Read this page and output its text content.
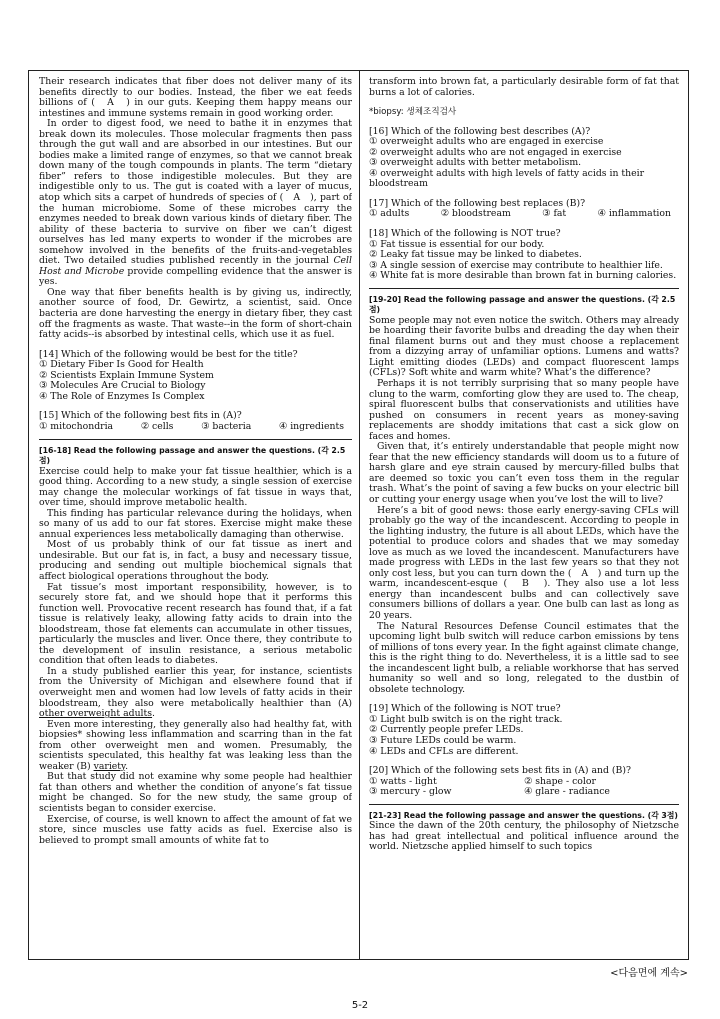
Their research indicates that fiber does not deliver many of its benefits directly to our bodies. Instead, the fiber we eat feeds billions of (　A　) in our guts. Keeping them happy means our intestines and immune systems remain in good working order.

In order to digest food, we need to bathe it in enzymes that break down its molecules. Those molecular fragments then pass through the gut wall and are absorbed in our intestines. But our bodies make a limited range of enzymes, so that we cannot break down many of the tough compounds in plants. The term “dietary fiber” refers to those indigestible molecules. But they are indigestible only to us. The gut is coated with a layer of mucus, atop which sits a carpet of hundreds of species of (　A　), part of the human microbiome. Some of these microbes carry the enzymes needed to break down various kinds of dietary fiber. The ability of these bacteria to survive on fiber we can’t digest ourselves has led many experts to wonder if the microbes are somehow involved in the benefits of the fruits-and-vegetables diet. Two detailed studies published recently in the journal Cell Host and Microbe provide compelling evidence that the answer is yes.

One way that fiber benefits health is by giving us, indirectly, another source of food, Dr. Gewirtz, a scientist, said. Once bacteria are done harvesting the energy in dietary fiber, they cast off the fragments as waste. That waste--in the form of short-chain fatty acids--is absorbed by intestinal cells, which use it as fuel.

[14] Which of the following would be best for the title?
① Dietary Fiber Is Good for Health
② Scientists Explain Immune System
③ Molecules Are Crucial to Biology
④ The Role of Enzymes Is Complex
[15] Which of the following best fits in (A)?
① mitochondria	② cells	③ bacteria	④ ingredients
[16-18] Read the following passage and answer the questions. (각 2.5점)

Exercise could help to make your fat tissue healthier, which is a good thing. According to a new study, a single session of exercise may change the molecular workings of fat tissue in ways that, over time, should improve metabolic health.

This finding has particular relevance during the holidays, when so many of us add to our fat stores. Exercise might make these annual experiences less metabolically damaging than otherwise.

Most of us probably think of our fat tissue as inert and undesirable. But our fat is, in fact, a busy and necessary tissue, producing and sending out multiple biochemical signals that affect biological operations throughout the body.

Fat tissue’s most important responsibility, however, is to securely store fat, and we should hope that it performs this function well. Provocative recent research has found that, if a fat tissue is relatively leaky, allowing fatty acids to drain into the bloodstream, those fat elements can accumulate in other tissues, particularly the muscles and liver. Once there, they contribute to the development of insulin resistance, a serious metabolic condition that often leads to diabetes.

In a study published earlier this year, for instance, scientists from the University of Michigan and elsewhere found that if overweight men and women had low levels of fatty acids in their bloodstream, they also were metabolically healthier than (A) other overweight adults.

Even more interesting, they generally also had healthy fat, with biopsies* showing less inflammation and scarring than in the fat from other overweight men and women. Presumably, the scientists speculated, this healthy fat was leaking less than the weaker (B) variety.

But that study did not examine why some people had healthier fat than others and whether the condition of anyone’s fat tissue might be changed. So for the new study, the same group of scientists began to consider exercise.

Exercise, of course, is well known to affect the amount of fat we store, since muscles use fatty acids as fuel. Exercise also is believed to prompt small amounts of white fat to

transform into brown fat, a particularly desirable form of fat that burns a lot of calories.

*biopsy: 생체조직검사
[16] Which of the following best describes (A)?
① overweight adults who are engaged in exercise
② overweight adults who are not engaged in exercise
③ overweight adults with better metabolism.
④ overweight adults with high levels of fatty acids in their bloodstream
[17] Which of the following best replaces (B)?
① adults	② bloodstream	③ fat	④ inflammation
[18] Which of the following is NOT true?
① Fat tissue is essential for our body.
② Leaky fat tissue may be linked to diabetes.
③ A single session of exercise may contribute to healthier life.
④ White fat is more desirable than brown fat in burning calories.
[19-20] Read the following passage and answer the questions. (각 2.5점)

Some people may not even notice the switch. Others may already be hoarding their favorite bulbs and dreading the day when their final filament burns out and they must choose a replacement from a dizzying array of unfamiliar options. Lumens and watts? Light emitting diodes (LEDs) and compact fluorescent lamps (CFLs)? Soft white and warm white? What’s the difference?

Perhaps it is not terribly surprising that so many people have clung to the warm, comforting glow they are used to. The cheap, spiral fluorescent bulbs that conservationists and utilities have pushed on consumers in recent years as money-saving replacements are shoddy imitations that cast a sick glow on faces and homes.

Given that, it’s entirely understandable that people might now fear that the new efficiency standards will doom us to a future of harsh glare and eye strain caused by mercury-filled bulbs that are deemed so toxic you can’t even toss them in the regular trash. What’s the point of saving a few bucks on your electric bill or cutting your energy usage when you’ve lost the will to live?

Here’s a bit of good news: those early energy-saving CFLs will probably go the way of the incandescent. According to people in the lighting industry, the future is all about LEDs, which have the potential to produce colors and shades that we may someday love as much as we loved the incandescent. Manufacturers have made progress with LEDs in the last few years so that they not only cost less, but you can turn down the (　A　) and turn up the warm, incandescent-esque (　B　). They also use a lot less energy than incandescent bulbs and can collectively save consumers billions of dollars a year. One bulb can last as long as 20 years.

The Natural Resources Defense Council estimates that the upcoming light bulb switch will reduce carbon emissions by tens of millions of tons every year. In the fight against climate change, this is the right thing to do. Nevertheless, it is a little sad to see the incandescent light bulb, a reliable workhorse that has served humanity so well and so long, relegated to the dustbin of obsolete technology.

[19] Which of the following is NOT true?
① Light bulb switch is on the right track.
② Currently people prefer LEDs.
③ Future LEDs could be warm.
④ LEDs and CFLs are different.
[20] Which of the following sets best fits in (A) and (B)?
① watts - light	② shape - color
③ mercury - glow	④ glare - radiance
[21-23] Read the following passage and answer the questions. (각 3점)

Since the dawn of the 20th century, the philosophy of Nietzsche has had great intellectual and political influence around the world. Nietzsche applied himself to such topics

<다음면에 계속>
5-2
